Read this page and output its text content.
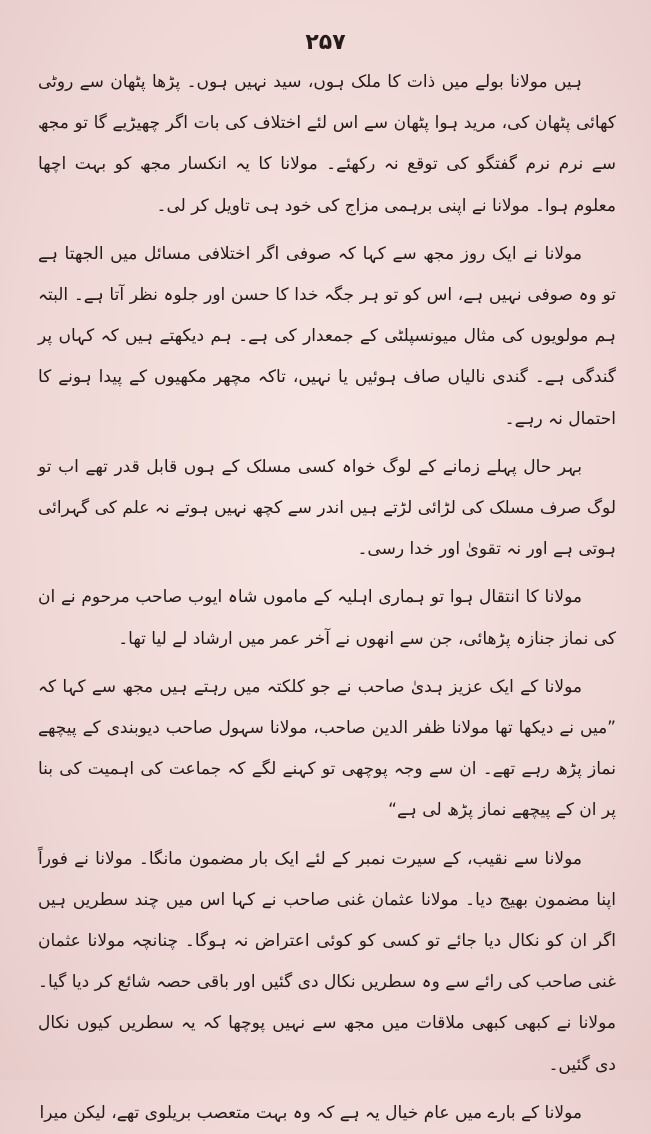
۲۵۷

ہیں مولانا بولے میں ذات کا ملک ہوں، سید نہیں ہوں۔ پڑھا پٹھان سے روٹی کھائی پٹھان کی، مرید ہوا پٹھان سے اس لئے اختلاف کی بات اگر چھیڑیے گا تو مجھ سے نرم نرم گفتگو کی توقع نہ رکھئے۔ مولانا کا یہ انکسار مجھ کو بہت اچھا معلوم ہوا۔ مولانا نے اپنی برہمی مزاج کی خود ہی تاویل کر لی۔

مولانا نے ایک روز مجھ سے کہا کہ صوفی اگر اختلافی مسائل میں الجھتا ہے تو وہ صوفی نہیں ہے، اس کو تو ہر جگہ خدا کا حسن اور جلوہ نظر آتا ہے۔ البتہ ہم مولویوں کی مثال میونسپلٹی کے جمعدار کی ہے۔ ہم دیکھتے ہیں کہ کہاں پر گندگی ہے۔ گندی نالیاں صاف ہوئیں یا نہیں، تاکہ مچھر مکھیوں کے پیدا ہونے کا احتمال نہ رہے۔

بہر حال پہلے زمانے کے لوگ خواہ کسی مسلک کے ہوں قابل قدر تھے اب تو لوگ صرف مسلک کی لڑائی لڑتے ہیں اندر سے کچھ نہیں ہوتے نہ علم کی گہرائی ہوتی ہے اور نہ تقویٰ اور خدا رسی۔

مولانا کا انتقال ہوا تو ہماری اہلیہ کے ماموں شاہ ایوب صاحب مرحوم نے ان کی نماز جنازہ پڑھائی، جن سے انھوں نے آخر عمر میں ارشاد لے لیا تھا۔

مولانا کے ایک عزیز ہدیٰ صاحب نے جو کلکتہ میں رہتے ہیں مجھ سے کہا کہ ”میں نے دیکھا تھا مولانا ظفر الدین صاحب، مولانا سہول صاحب دیوبندی کے پیچھے نماز پڑھ رہے تھے۔ ان سے وجہ پوچھی تو کہنے لگے کہ جماعت کی اہمیت کی بنا پر ان کے پیچھے نماز پڑھ لی ہے“

مولانا سے نقیب، کے سیرت نمبر کے لئے ایک بار مضمون مانگا۔ مولانا نے فوراً اپنا مضمون بھیج دیا۔ مولانا عثمان غنی صاحب نے کہا اس میں چند سطریں ہیں اگر ان کو نکال دیا جائے تو کسی کو کوئی اعتراض نہ ہوگا۔ چنانچہ مولانا عثمان غنی صاحب کی رائے سے وہ سطریں نکال دی گئیں اور باقی حصہ شائع کر دیا گیا۔ مولانا نے کبھی کبھی ملاقات میں مجھ سے نہیں پوچھا کہ یہ سطریں کیوں نکال دی گئیں۔

مولانا کے بارے میں عام خیال یہ ہے کہ وہ بہت متعصب بریلوی تھے، لیکن میرا
